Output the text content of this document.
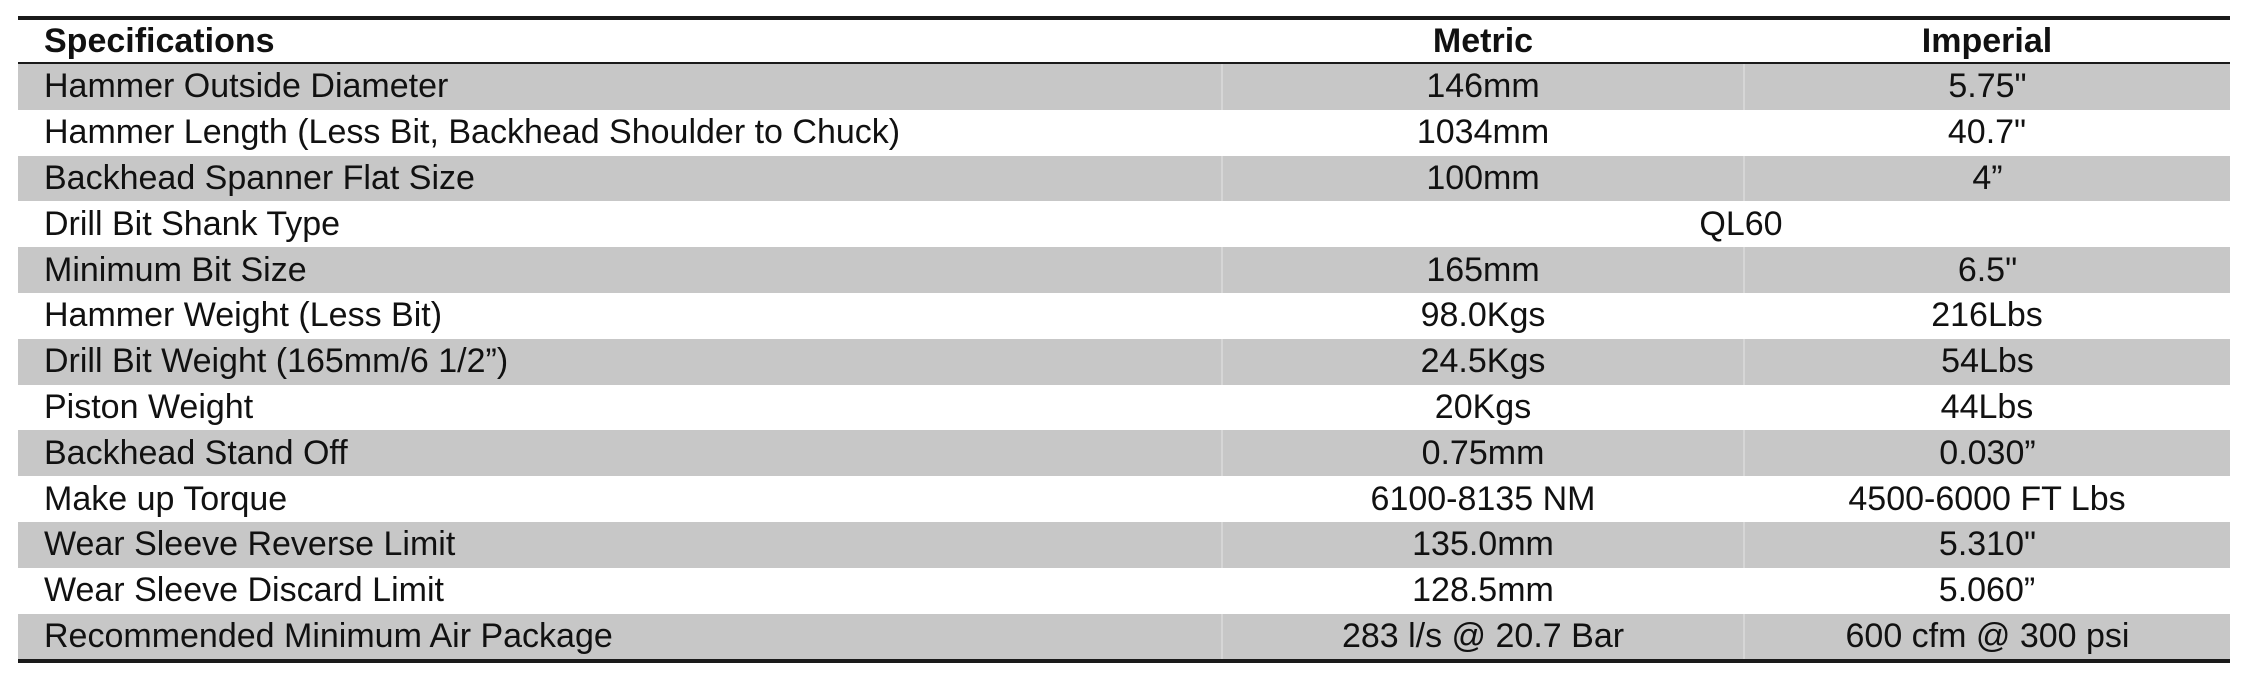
Specifications	Metric	Imperial
Hammer Outside Diameter	146mm	5.75"
Hammer Length (Less Bit, Backhead Shoulder to Chuck)	1034mm	40.7"
Backhead Spanner Flat Size	100mm	4”
Drill Bit Shank Type	QL60	
Minimum Bit Size	165mm	6.5"
Hammer Weight (Less Bit)	98.0Kgs	216Lbs
Drill Bit Weight (165mm/6 1/2”)	24.5Kgs	54Lbs
Piston Weight	20Kgs	44Lbs
Backhead Stand Off	0.75mm	0.030”
Make up Torque	6100-8135 NM	4500-6000 FT Lbs
Wear Sleeve Reverse Limit	135.0mm	5.310"
Wear Sleeve Discard Limit	128.5mm	5.060”
Recommended Minimum Air Package	283 l/s @ 20.7 Bar	600 cfm @ 300 psi
